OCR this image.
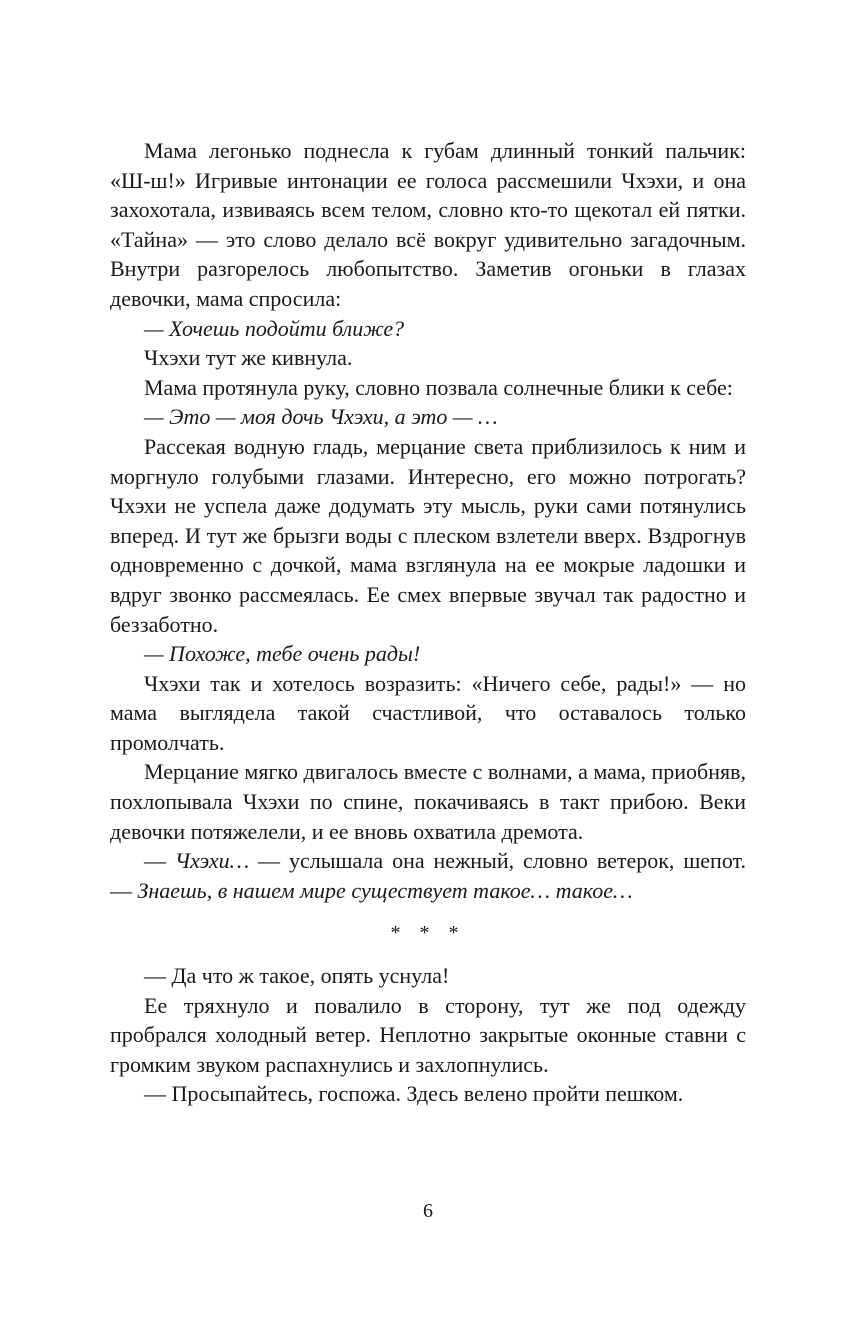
Мама легонько поднесла к губам длинный тонкий пальчик: «Ш-ш!» Игривые интонации ее голоса рассмешили Чхэхи, и она захохотала, извиваясь всем телом, словно кто-то щекотал ей пятки. «Тайна» — это слово делало всё вокруг удивительно загадочным. Внутри разгорелось любопытство. Заметив огоньки в глазах девочки, мама спросила:

— Хочешь подойти ближе?

Чхэхи тут же кивнула.

Мама протянула руку, словно позвала солнечные блики к себе:

— Это — моя дочь Чхэхи, а это — …

Рассекая водную гладь, мерцание света приблизилось к ним и моргнуло голубыми глазами. Интересно, его можно потрогать? Чхэхи не успела даже додумать эту мысль, руки сами потянулись вперед. И тут же брызги воды с плеском взлетели вверх. Вздрогнув одновременно с дочкой, мама взглянула на ее мокрые ладошки и вдруг звонко рассмеялась. Ее смех впервые звучал так радостно и беззаботно.

— Похоже, тебе очень рады!

Чхэхи так и хотелось возразить: «Ничего себе, рады!» — но мама выглядела такой счастливой, что оставалось только промолчать.

Мерцание мягко двигалось вместе с волнами, а мама, приобняв, похлопывала Чхэхи по спине, покачиваясь в такт прибою. Веки девочки потяжелели, и ее вновь охватила дремота.

— Чхэхи… — услышала она нежный, словно ветерок, шепот. — Знаешь, в нашем мире существует такое… такое…

* * *

— Да что ж такое, опять уснула!

Ее тряхнуло и повалило в сторону, тут же под одежду пробрался холодный ветер. Неплотно закрытые оконные ставни с громким звуком распахнулись и захлопнулись.

— Просыпайтесь, госпожа. Здесь велено пройти пешком.

6
